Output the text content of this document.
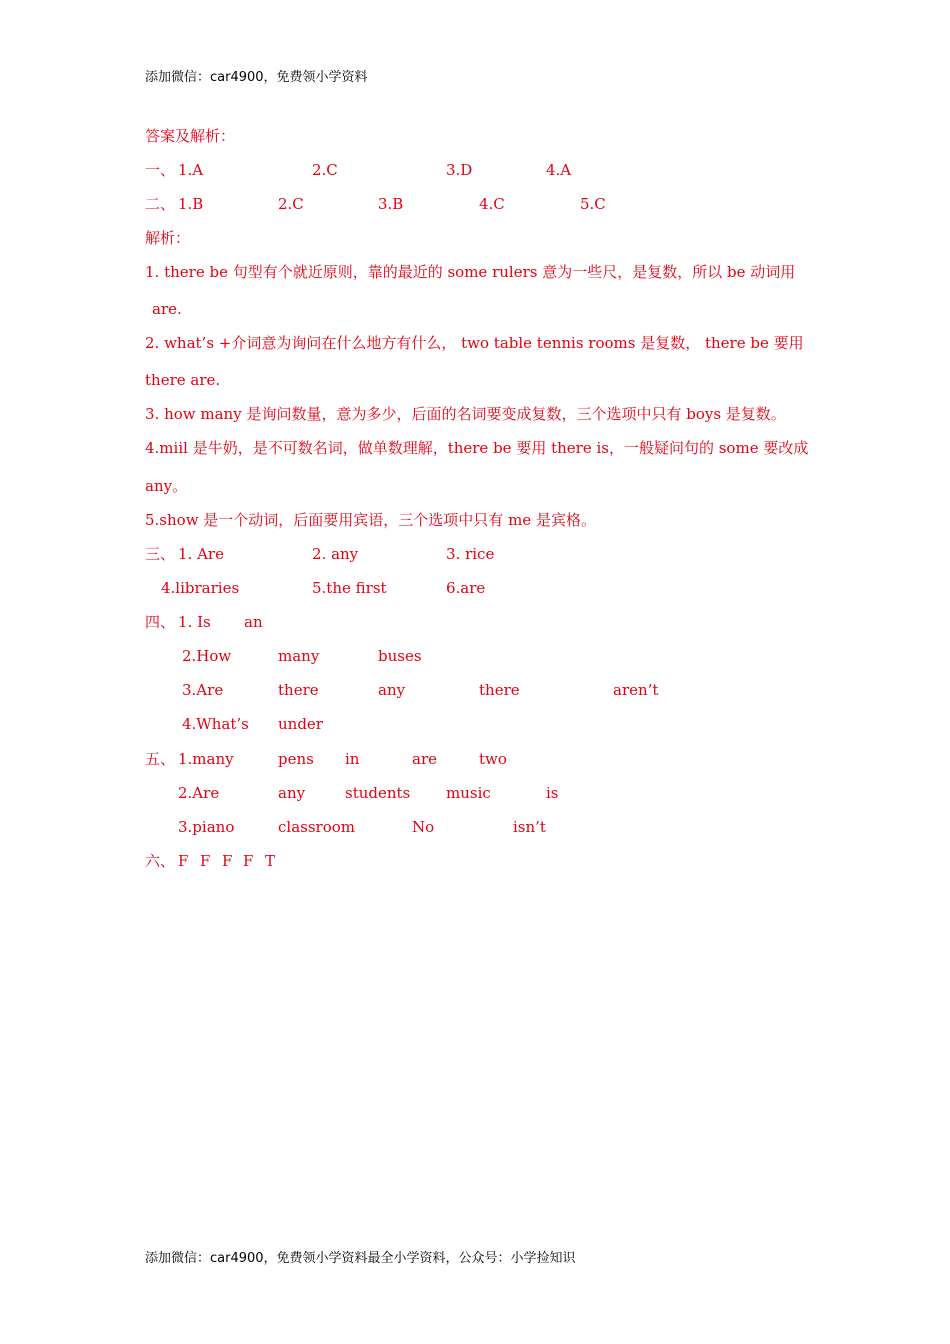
添加微信：car4900，免费领小学资料
答案及解析：
一、 1.A	2.C	3.D	4.A
二、 1.B	2.C	3.B	4.C	5.C
解析：
1. there be 句型有个就近原则，靠的最近的 some rulers 意为一些尺，是复数，所以 be 动词用
are.
2. what’s +介词意为询问在什么地方有什么， two table tennis rooms 是复数， there be 要用
there are.
3. how many 是询问数量，意为多少，后面的名词要变成复数，三个选项中只有 boys 是复数。
4.miil 是牛奶，是不可数名词，做单数理解，there be 要用 there is，一般疑问句的 some 要改成
any。
5.show 是一个动词，后面要用宾语，三个选项中只有 me 是宾格。
三、 1. Are	2. any	3. rice
4.libraries	5.the first	6.are
四、 1. Is an
2.How	many	buses
3.Are	there	any	there	aren’t
4.What’s under
五、 1.many	pens in	are	two
2.Are	any	students music	is
3.piano	classroom	No	isn’t
六、 F F F F T
添加微信：car4900，免费领小学资料最全小学资料，公众号：小学捡知识
